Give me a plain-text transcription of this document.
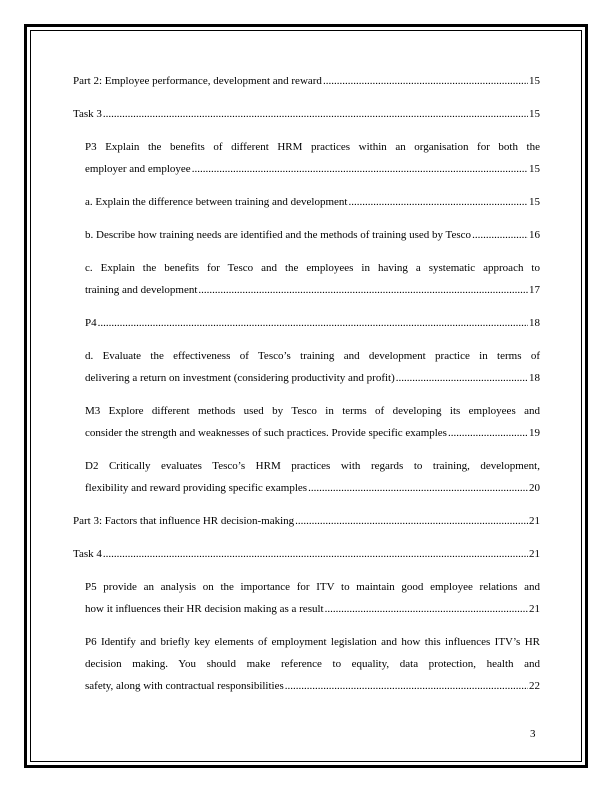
Part 2: Employee performance, development and reward .....	15
Task 3 .....	15
P3 Explain the benefits of different HRM practices within an organisation for both the
employer and employee .....	15
a. Explain the difference between training and development .....	15
b. Describe how training needs are identified and the methods of training used by Tesco .....	16
c. Explain the benefits for Tesco and the employees in having a systematic approach to
training and development .....	17
P4 .....	18
d. Evaluate the effectiveness of Tesco’s training and development practice in terms of
delivering a return on investment (considering productivity and profit) .....	18
M3 Explore different methods used by Tesco in terms of developing its employees and
consider the strength and weaknesses of such practices. Provide specific examples .....	19
D2 Critically evaluates Tesco’s HRM practices with regards to training, development,
flexibility and reward providing specific examples .....	20
Part 3: Factors that influence HR decision-making .....	21
Task 4 .....	21
P5 provide an analysis on the importance for ITV to maintain good employee relations and
how it influences their HR decision making as a result .....	21
P6 Identify and briefly key elements of employment legislation and how this influences ITV’s HR decision making. You should make reference to equality, data protection, health and
safety, along with contractual responsibilities .....	22
3
